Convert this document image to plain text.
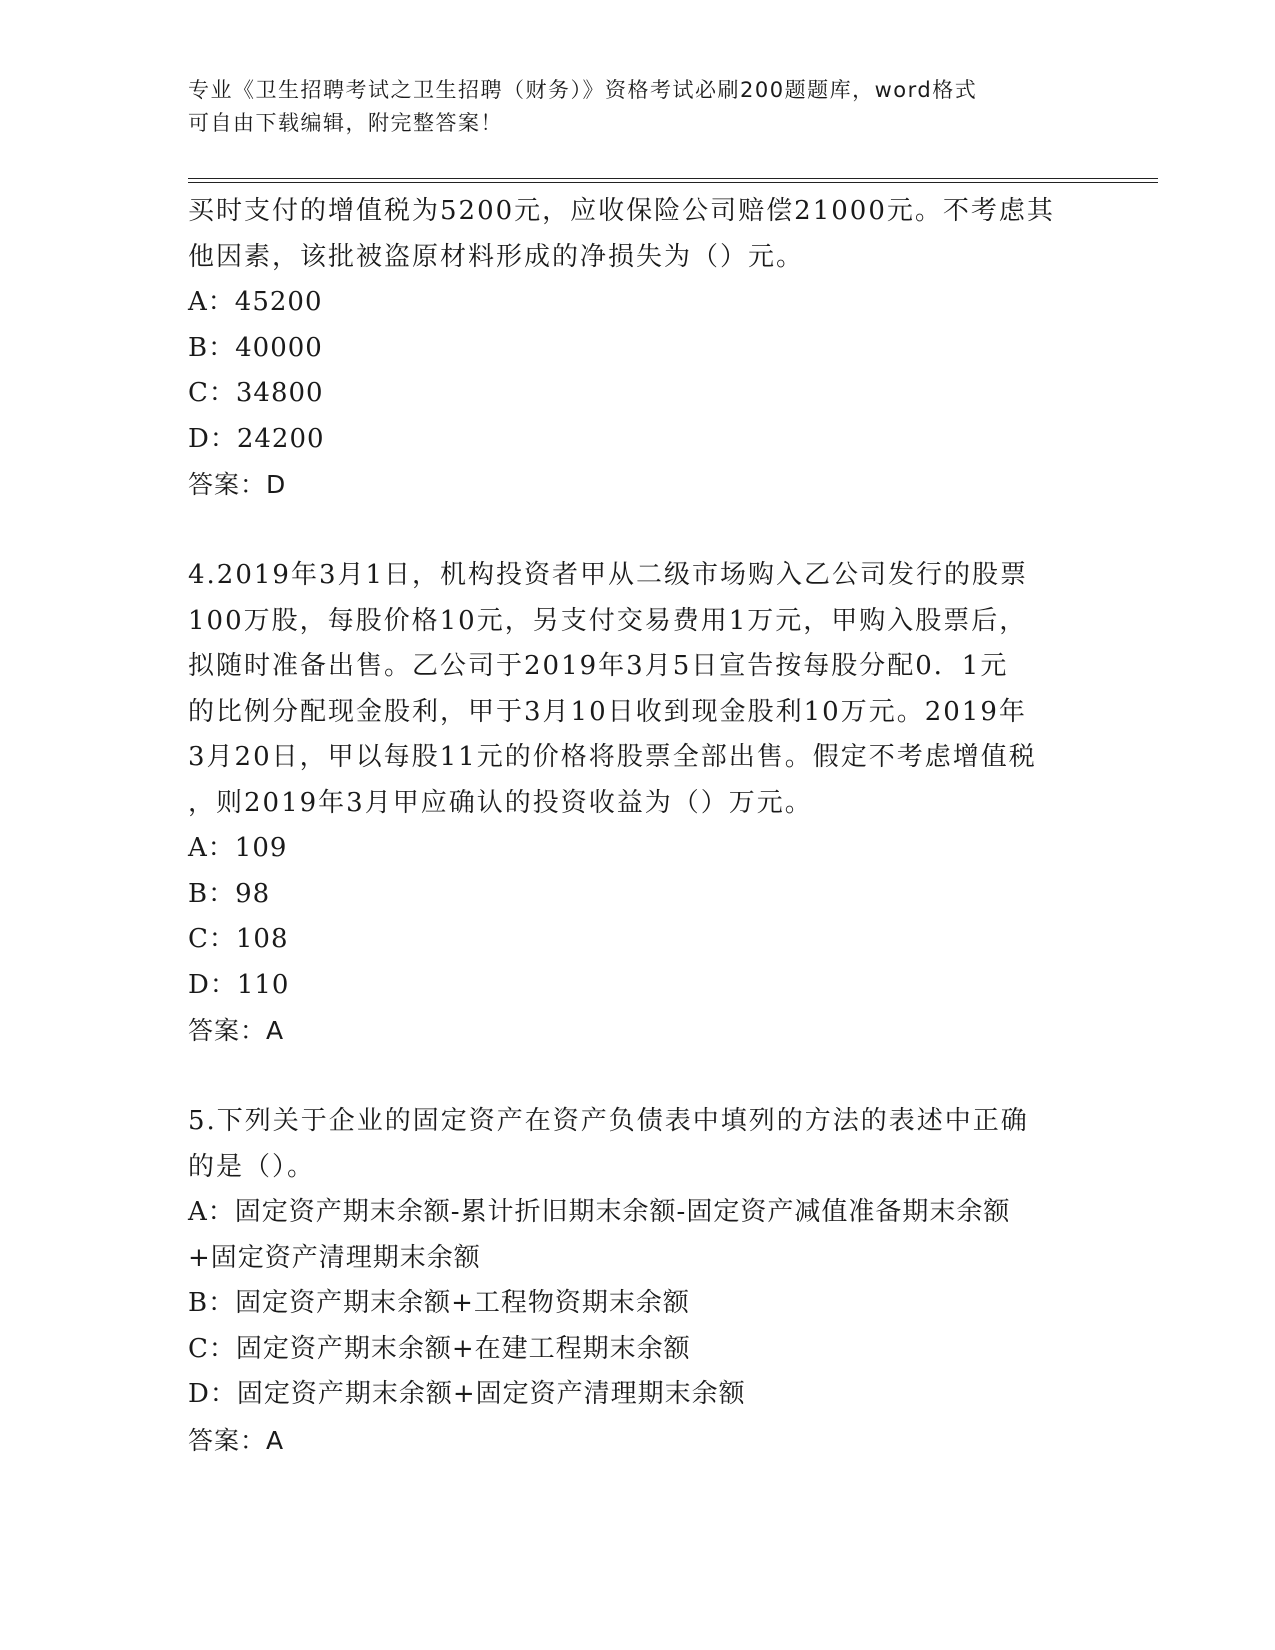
专业《卫生招聘考试之卫生招聘（财务）》资格考试必刷200题题库，word格式
可自由下载编辑，附完整答案！

买时支付的增值税为5200元，应收保险公司赔偿21000元。不考虑其

他因素，该批被盗原材料形成的净损失为（）元。

A：45200

B：40000

C：34800

D：24200

答案：D

4.2019年3月1日，机构投资者甲从二级市场购入乙公司发行的股票

100万股，每股价格10元，另支付交易费用1万元，甲购入股票后，

拟随时准备出售。乙公司于2019年3月5日宣告按每股分配0．1元

的比例分配现金股利，甲于3月10日收到现金股利10万元。2019年

3月20日，甲以每股11元的价格将股票全部出售。假定不考虑增值税

，则2019年3月甲应确认的投资收益为（）万元。

A：109

B：98

C：108

D：110

答案：A

5.下列关于企业的固定资产在资产负债表中填列的方法的表述中正确

的是（）。

A：固定资产期末余额-累计折旧期末余额-固定资产减值准备期末余额

+固定资产清理期末余额

B：固定资产期末余额+工程物资期末余额

C：固定资产期末余额+在建工程期末余额

D：固定资产期末余额+固定资产清理期末余额

答案：A
